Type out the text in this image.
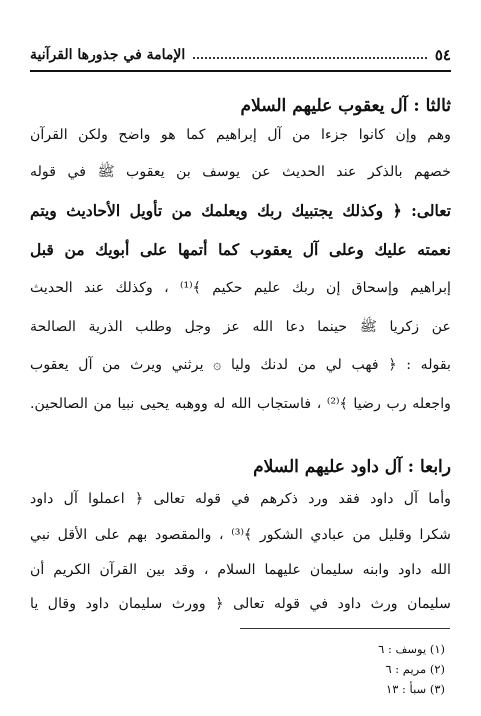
٥٤
الإمامة في جذورها القرآنية
ثالثا : آل يعقوب عليهم السلام
وهم وإن كانوا جزءا من آل إبراهيم كما هو واضح ولكن القرآن
خصهم بالذكر عند الحديث عن يوسف بن يعقوب ﷺ في قوله
تعالى: ﴿ وكذلك يجتبيك ربك ويعلمك من تأويل الأحاديث ويتم
نعمته عليك وعلى آل يعقوب كما أتمها على أبويك من قبل
إبراهيم وإسحاق إن ربك عليم حكيم ﴾⁽¹⁾ ، وكذلك عند الحديث
عن زكريا ﷺ حينما دعا الله عز وجل وطلب الذرية الصالحة
بقوله : ﴿ فهب لي من لدنك وليا ۞ يرثني ويرث من آل يعقوب
واجعله رب رضيا ﴾⁽²⁾ ، فاستجاب الله له ووهبه يحيى نبيا من الصالحين.
رابعا : آل داود عليهم السلام
وأما آل داود فقد ورد ذكرهم في قوله تعالى ﴿ اعملوا آل داود
شكرا وقليل من عبادي الشكور ﴾⁽³⁾ ، والمقصود بهم على الأقل نبي
الله داود وابنه سليمان عليهما السلام ، وقد بين القرآن الكريم أن
سليمان ورث داود في قوله تعالى ﴿ وورث سليمان داود وقال يا
(١) يوسف : ٦
(٢) مريم : ٦
(٣) سبأ : ١٣
